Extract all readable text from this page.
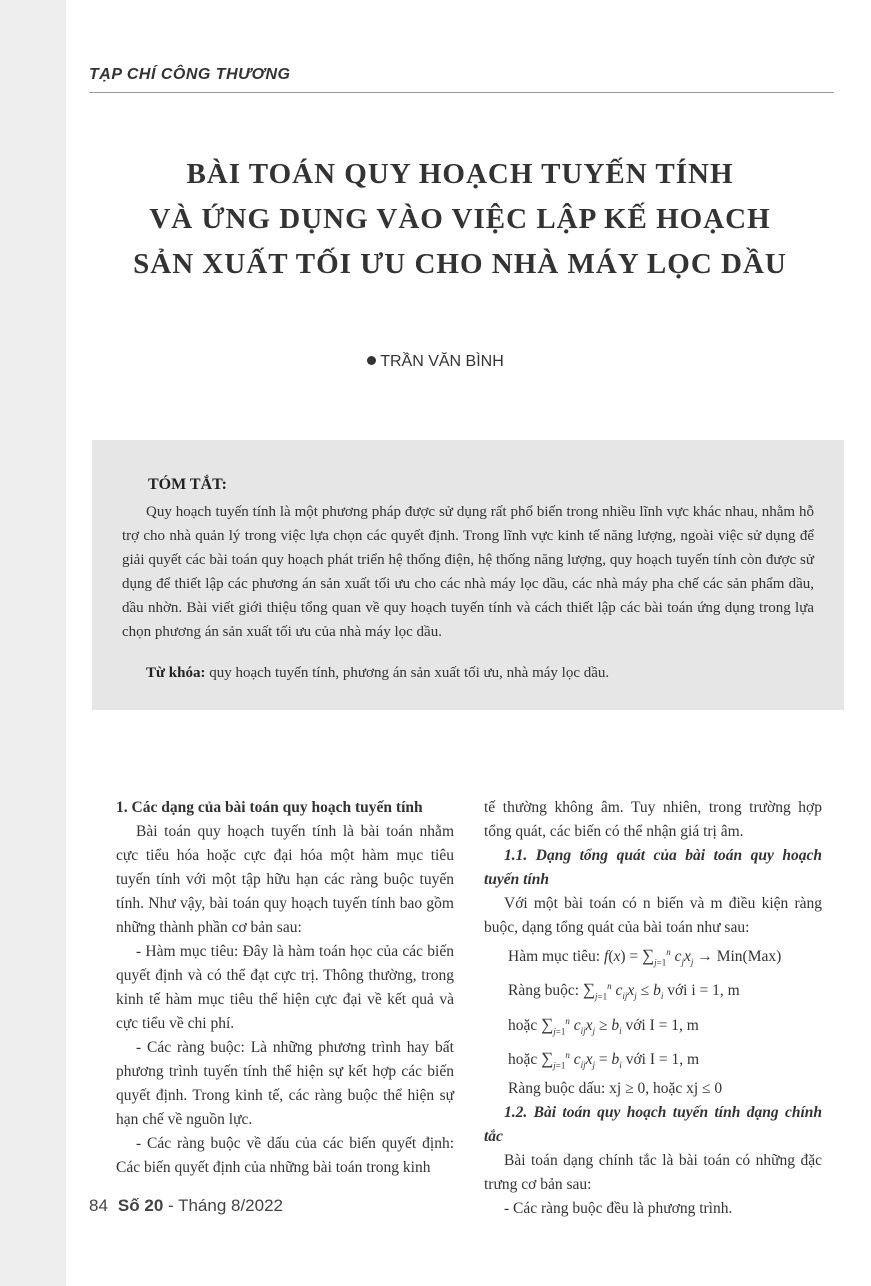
TẠP CHÍ CÔNG THƯƠNG
BÀI TOÁN QUY HOẠCH TUYẾN TÍNH
VÀ ỨNG DỤNG VÀO VIỆC LẬP KẾ HOẠCH
SẢN XUẤT TỐI ƯU CHO NHÀ MÁY LỌC DẦU
TRẦN VĂN BÌNH
TÓM TẮT:

Quy hoạch tuyến tính là một phương pháp được sử dụng rất phổ biến trong nhiều lĩnh vực khác nhau, nhằm hỗ trợ cho nhà quản lý trong việc lựa chọn các quyết định. Trong lĩnh vực kinh tế năng lượng, ngoài việc sử dụng để giải quyết các bài toán quy hoạch phát triển hệ thống điện, hệ thống năng lượng, quy hoạch tuyến tính còn được sử dụng để thiết lập các phương án sản xuất tối ưu cho các nhà máy lọc dầu, các nhà máy pha chế các sản phẩm dầu, dầu nhờn. Bài viết giới thiệu tổng quan về quy hoạch tuyến tính và cách thiết lập các bài toán ứng dụng trong lựa chọn phương án sản xuất tối ưu của nhà máy lọc dầu.

Từ khóa: quy hoạch tuyến tính, phương án sản xuất tối ưu, nhà máy lọc dầu.

1. Các dạng của bài toán quy hoạch tuyến tính

Bài toán quy hoạch tuyến tính là bài toán nhằm cực tiểu hóa hoặc cực đại hóa một hàm mục tiêu tuyến tính với một tập hữu hạn các ràng buộc tuyến tính. Như vậy, bài toán quy hoạch tuyến tính bao gồm những thành phần cơ bản sau:

- Hàm mục tiêu: Đây là hàm toán học của các biến quyết định và có thể đạt cực trị. Thông thường, trong kinh tế hàm mục tiêu thể hiện cực đại về kết quả và cực tiểu về chi phí.

- Các ràng buộc: Là những phương trình hay bất phương trình tuyến tính thể hiện sự kết hợp các biến quyết định. Trong kinh tế, các ràng buộc thể hiện sự hạn chế về nguồn lực.

- Các ràng buộc về dấu của các biến quyết định: Các biến quyết định của những bài toán trong kinh

tế thường không âm. Tuy nhiên, trong trường hợp tổng quát, các biến có thể nhận giá trị âm.

1.1. Dạng tổng quát của bài toán quy hoạch tuyến tính

Với một bài toán có n biến và m điều kiện ràng buộc, dạng tổng quát của bài toán như sau:

Hàm mục tiêu: $f(x) = \sum_{j=1}^n$ $c_jx_j \to Min(Max)$

Ràng buộc: $\sum_{j=1}^n$ $c_{ij}x_j \le b_i$ với i = 1, m

hoặc $\sum_{j=1}^n$ $c_{ij}x_j \ge b_i$ với I = 1, m

hoặc $\sum_{j=1}^n$ $c_{ij}x_j = b_i$ với I = 1, m

Ràng buộc dấu: xj ≥ 0, hoặc xj ≤ 0

1.2. Bài toán quy hoạch tuyến tính dạng chính tắc

Bài toán dạng chính tắc là bài toán có những đặc trưng cơ bản sau:

- Các ràng buộc đều là phương trình.

84 Số 20 - Tháng 8/2022
